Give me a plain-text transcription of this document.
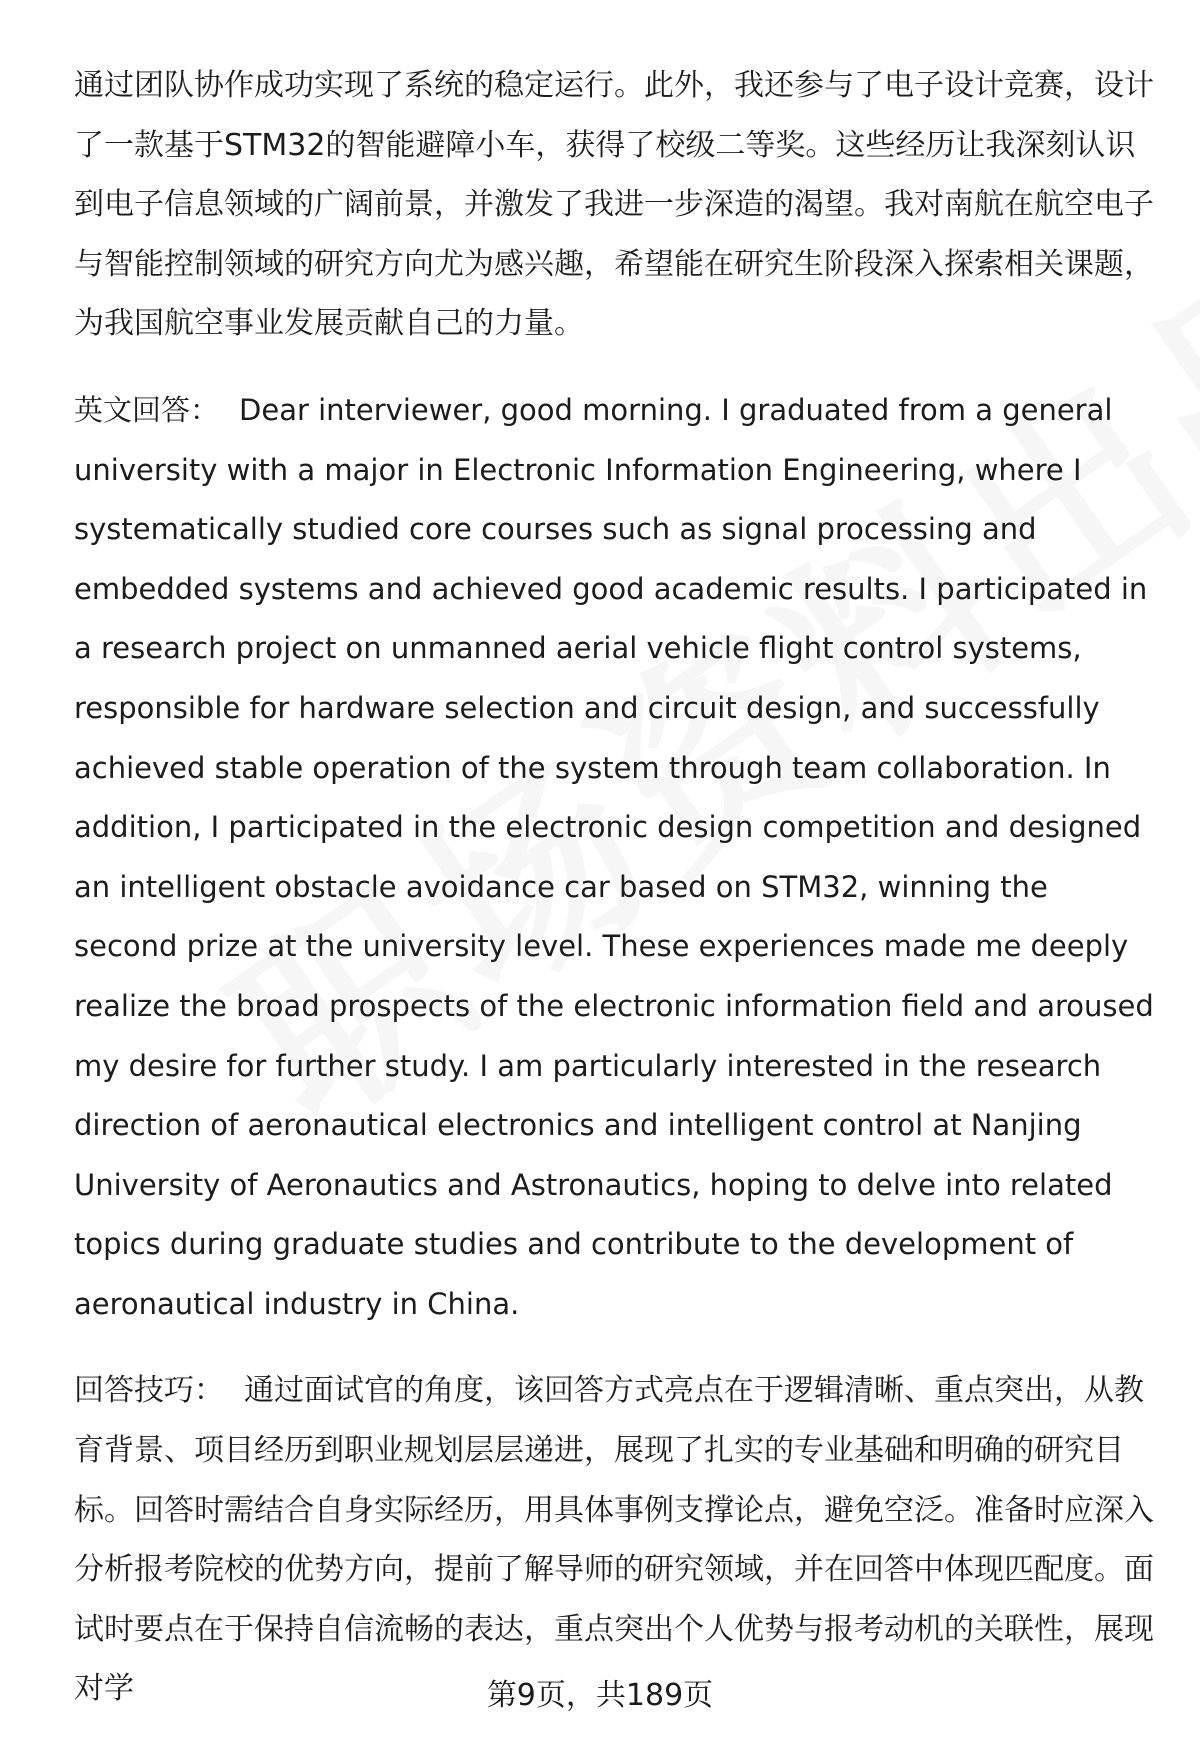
通过团队协作成功实现了系统的稳定运行。此外，我还参与了电子设计竞赛，设计了一款基于STM32的智能避障小车，获得了校级二等奖。这些经历让我深刻认识到电子信息领域的广阔前景，并激发了我进一步深造的渴望。我对南航在航空电子与智能控制领域的研究方向尤为感兴趣，希望能在研究生阶段深入探索相关课题，为我国航空事业发展贡献自己的力量。

英文回答： Dear interviewer, good morning. I graduated from a general university with a major in Electronic Information Engineering, where I systematically studied core courses such as signal processing and embedded systems and achieved good academic results. I participated in a research project on unmanned aerial vehicle flight control systems, responsible for hardware selection and circuit design, and successfully achieved stable operation of the system through team collaboration. In addition, I participated in the electronic design competition and designed an intelligent obstacle avoidance car based on STM32, winning the second prize at the university level. These experiences made me deeply realize the broad prospects of the electronic information field and aroused my desire for further study. I am particularly interested in the research direction of aeronautical electronics and intelligent control at Nanjing University of Aeronautics and Astronautics, hoping to delve into related topics during graduate studies and contribute to the development of aeronautical industry in China.

回答技巧： 通过面试官的角度，该回答方式亮点在于逻辑清晰、重点突出，从教育背景、项目经历到职业规划层层递进，展现了扎实的专业基础和明确的研究目标。回答时需结合自身实际经历，用具体事例支撑论点，避免空泛。准备时应深入分析报考院校的优势方向，提前了解导师的研究领域，并在回答中体现匹配度。面试时要点在于保持自信流畅的表达，重点突出个人优势与报考动机的关联性，展现对学	第9页，共189页
